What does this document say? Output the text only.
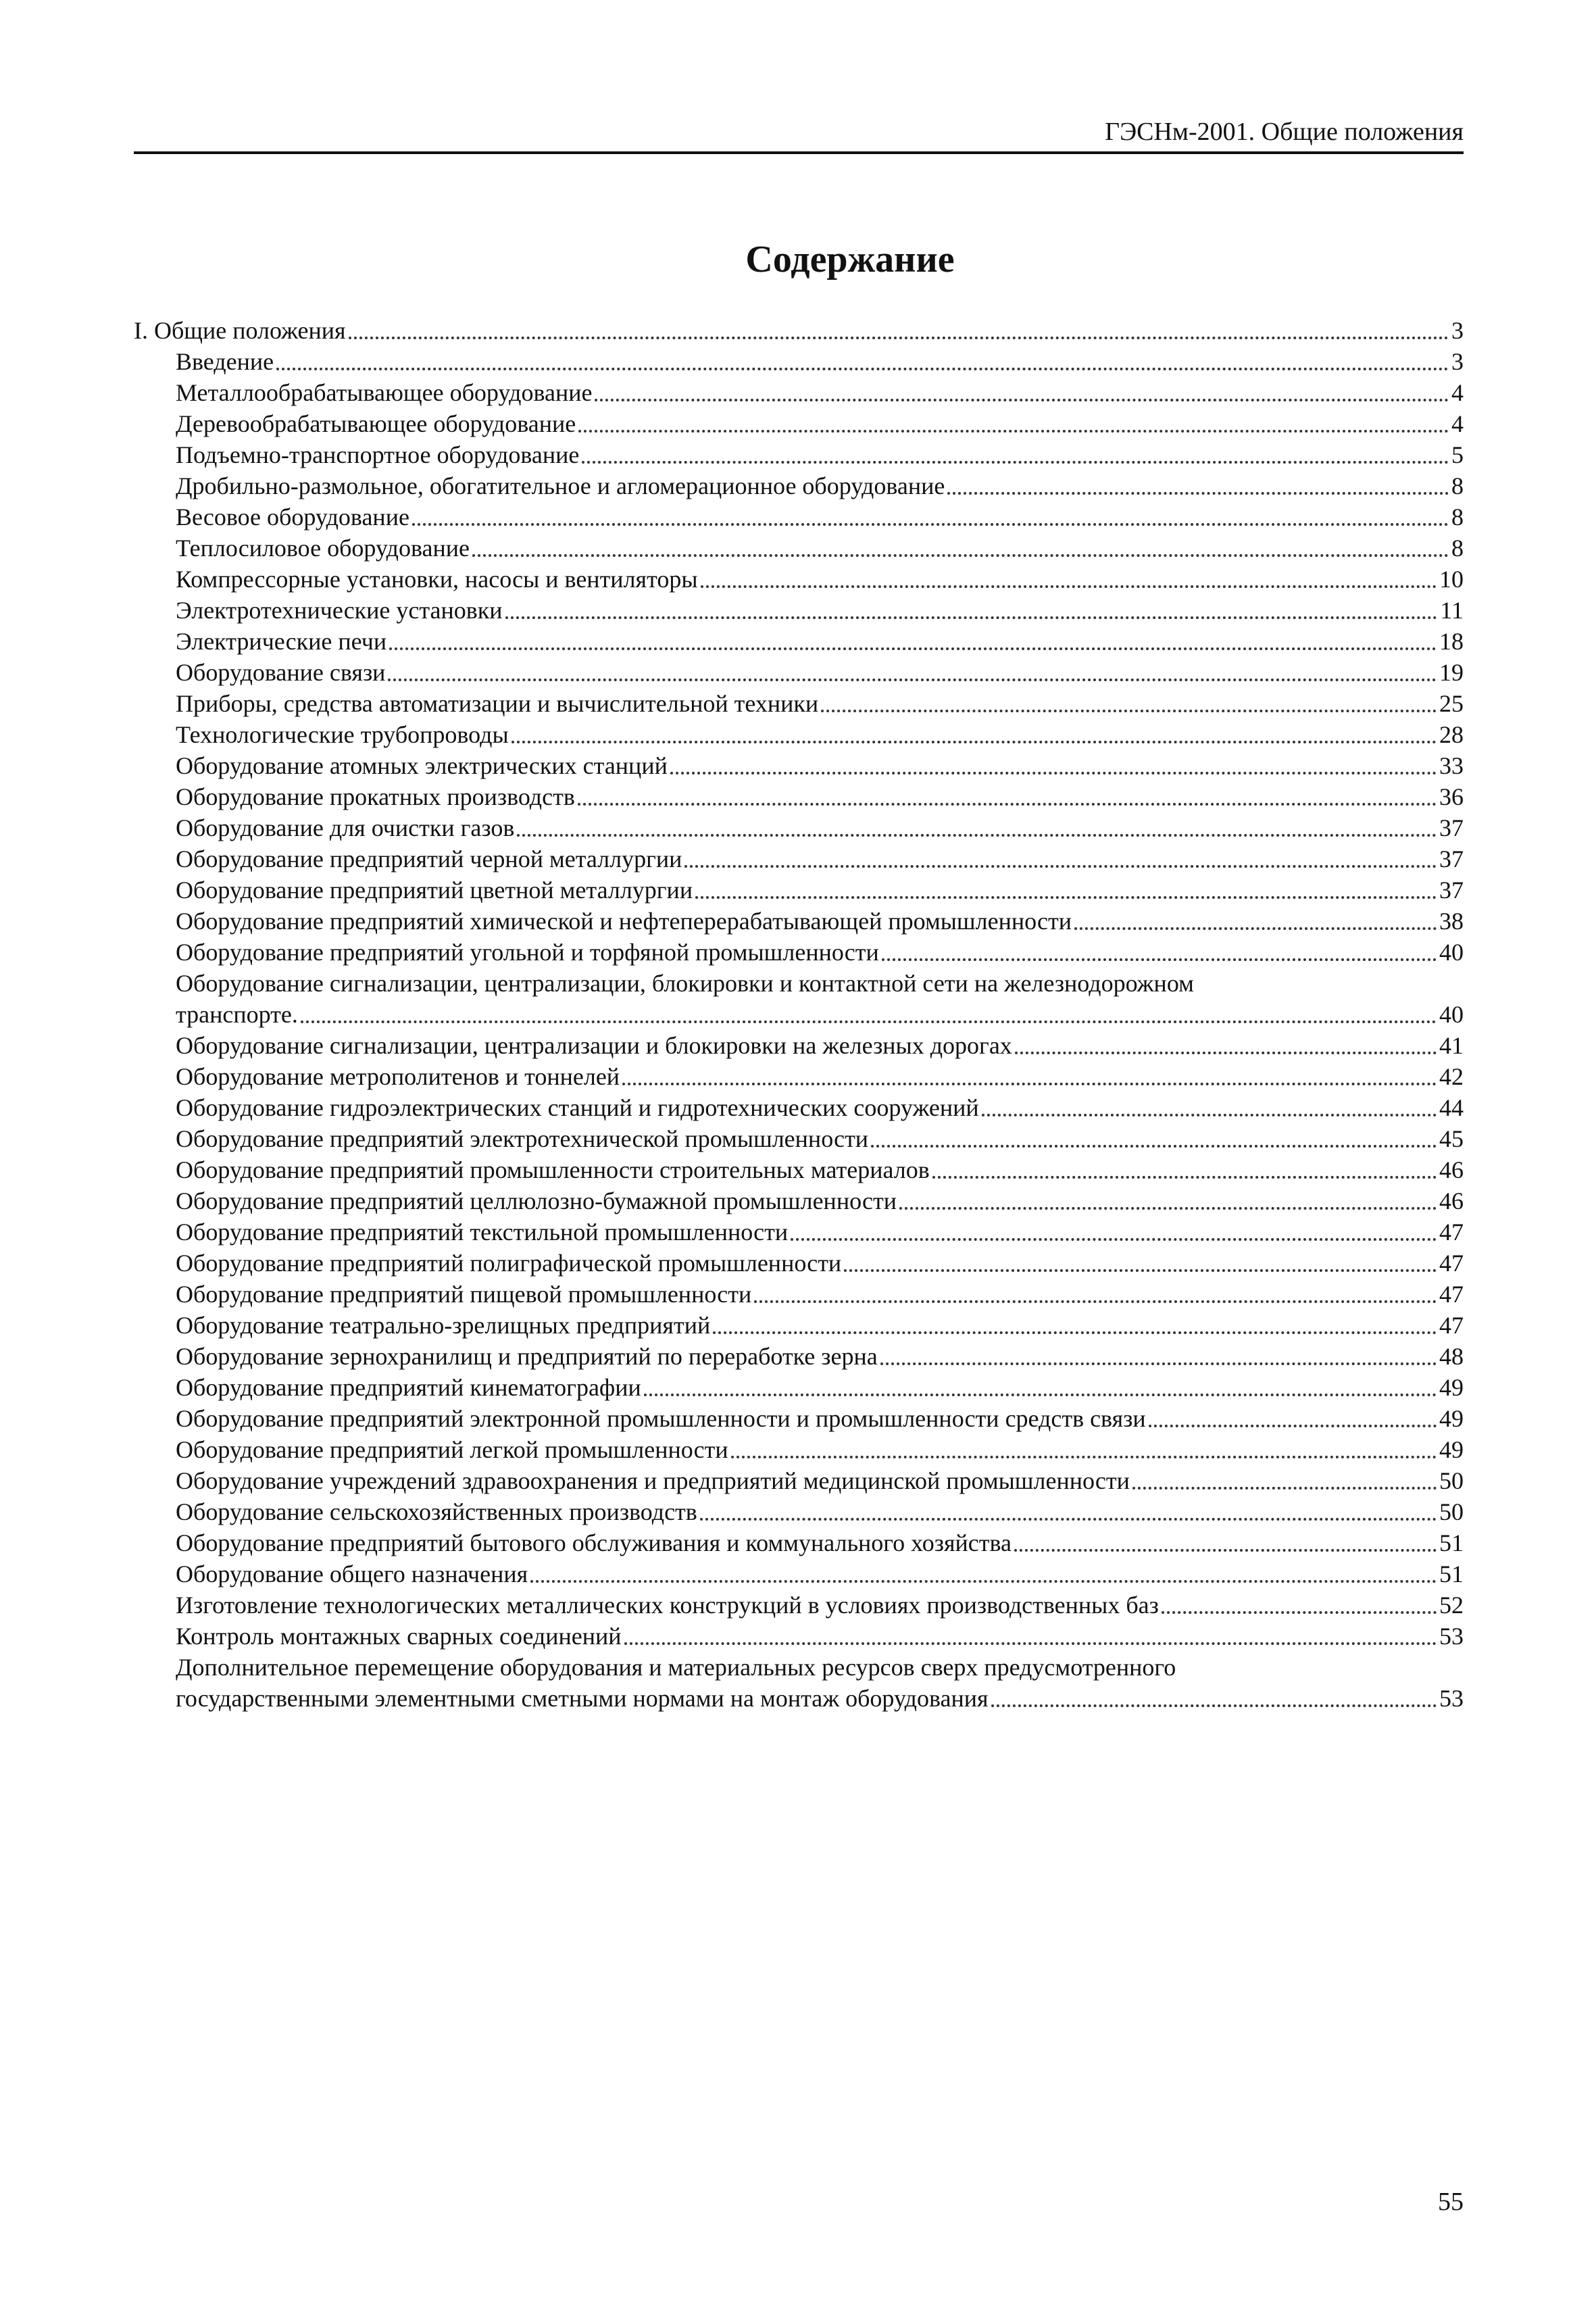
ГЭСНм-2001. Общие положения
Содержание
I. Общие положения	3
Введение	3
Металлообрабатывающее оборудование	4
Деревообрабатывающее оборудование	4
Подъемно-транспортное оборудование	5
Дробильно-размольное, обогатительное и агломерационное оборудование	8
Весовое оборудование	8
Теплосиловое оборудование	8
Компрессорные установки, насосы и вентиляторы	10
Электротехнические установки	11
Электрические печи	18
Оборудование связи	19
Приборы, средства автоматизации и вычислительной техники	25
Технологические трубопроводы	28
Оборудование атомных электрических станций	33
Оборудование прокатных производств	36
Оборудование для очистки газов	37
Оборудование предприятий черной металлургии	37
Оборудование предприятий цветной металлургии	37
Оборудование предприятий химической и нефтеперерабатывающей промышленности	38
Оборудование предприятий угольной и торфяной промышленности	40
Оборудование сигнализации, централизации, блокировки и контактной сети на железнодорожном
транспорте.	40
Оборудование сигнализации, централизации и блокировки на железных дорогах	41
Оборудование метрополитенов и тоннелей	42
Оборудование гидроэлектрических станций и гидротехнических сооружений	44
Оборудование предприятий электротехнической промышленности	45
Оборудование предприятий промышленности строительных материалов	46
Оборудование предприятий целлюлозно-бумажной промышленности	46
Оборудование предприятий текстильной промышленности	47
Оборудование предприятий полиграфической промышленности	47
Оборудование предприятий пищевой промышленности	47
Оборудование театрально-зрелищных предприятий	47
Оборудование зернохранилищ и предприятий по переработке зерна	48
Оборудование предприятий кинематографии	49
Оборудование предприятий электронной промышленности и промышленности средств связи	49
Оборудование предприятий легкой промышленности	49
Оборудование учреждений здравоохранения и предприятий медицинской промышленности	50
Оборудование сельскохозяйственных производств	50
Оборудование предприятий бытового обслуживания и коммунального хозяйства	51
Оборудование общего назначения	51
Изготовление технологических металлических конструкций в условиях производственных баз	52
Контроль монтажных сварных соединений	53
Дополнительное перемещение оборудования и материальных ресурсов сверх предусмотренного
государственными элементными сметными нормами на монтаж оборудования	53
55
